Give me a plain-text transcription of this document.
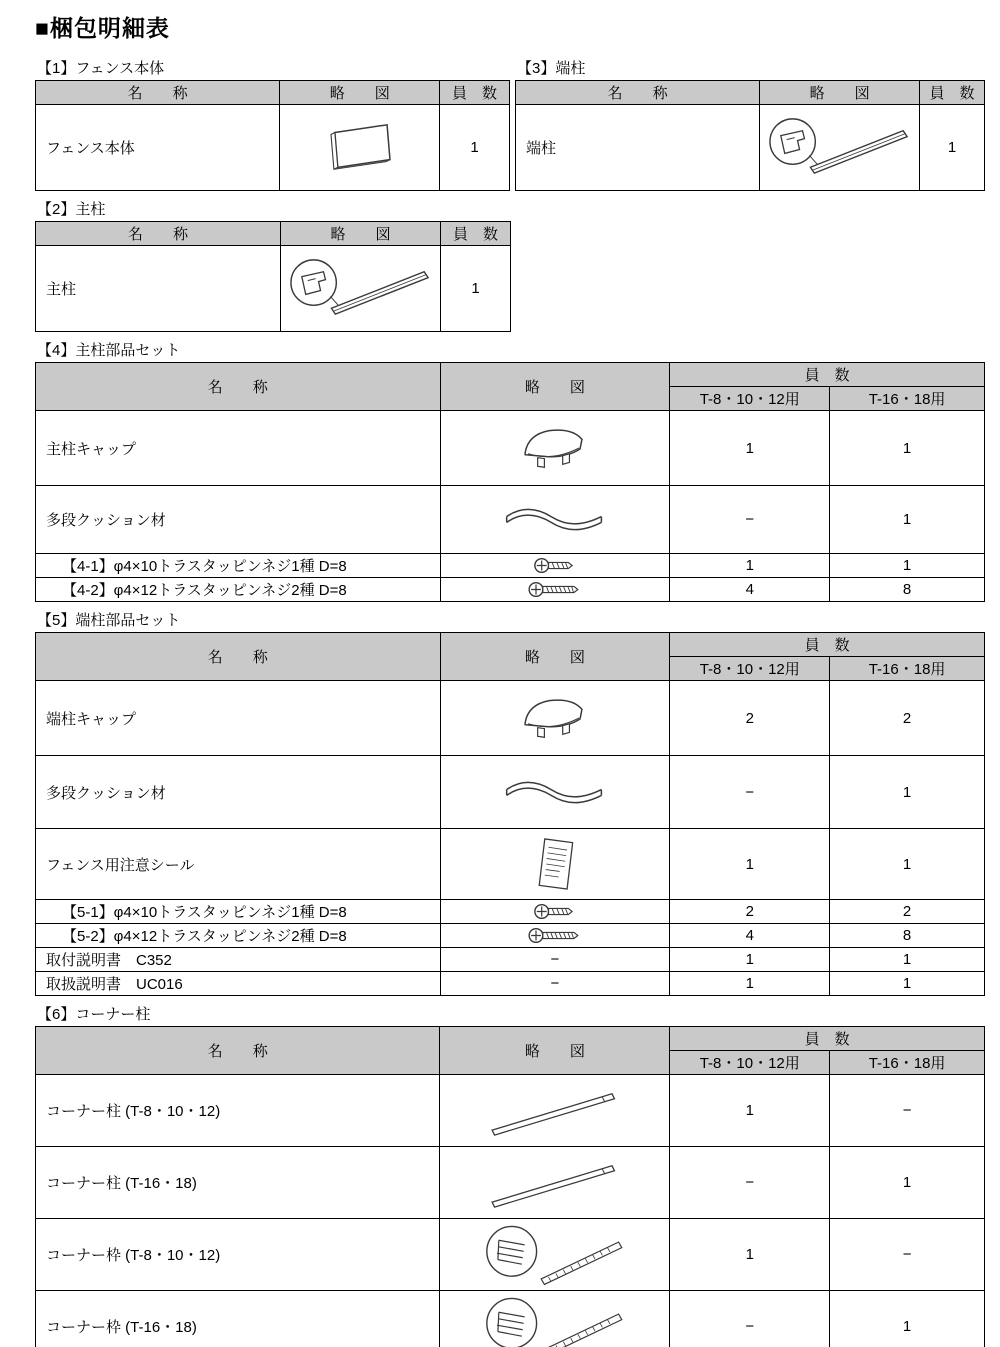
■梱包明細表
【1】フェンス本体
名　　称	略　　図	員　数
フェンス本体		1
【3】端柱
名　　称	略　　図	員　数
端柱		1
【2】主柱
名　　称	略　　図	員　数
主柱		1
【4】主柱部品セット
名　　称	略　　図	員　数	
		T-8・10・12用	T-16・18用
主柱キャップ		1	1
多段クッション材		−	1
【4-1】φ4×10トラスタッピンネジ1種 D=8		1	1
【4-2】φ4×12トラスタッピンネジ2種 D=8		4	8
【5】端柱部品セット
名　　称	略　　図	員　数	
		T-8・10・12用	T-16・18用
端柱キャップ		2	2
多段クッション材		−	1
フェンス用注意シール		1	1
【5-1】φ4×10トラスタッピンネジ1種 D=8		2	2
【5-2】φ4×12トラスタッピンネジ2種 D=8		4	8
取付説明書　C352	−	1	1
取扱説明書　UC016	−	1	1
【6】コーナー柱
名　　称	略　　図	員　数	
		T-8・10・12用	T-16・18用
コーナー柱 (T-8・10・12)		1	−
コーナー柱 (T-16・18)		−	1
コーナー枠 (T-8・10・12)		1	−
コーナー枠 (T-16・18)		−	1
